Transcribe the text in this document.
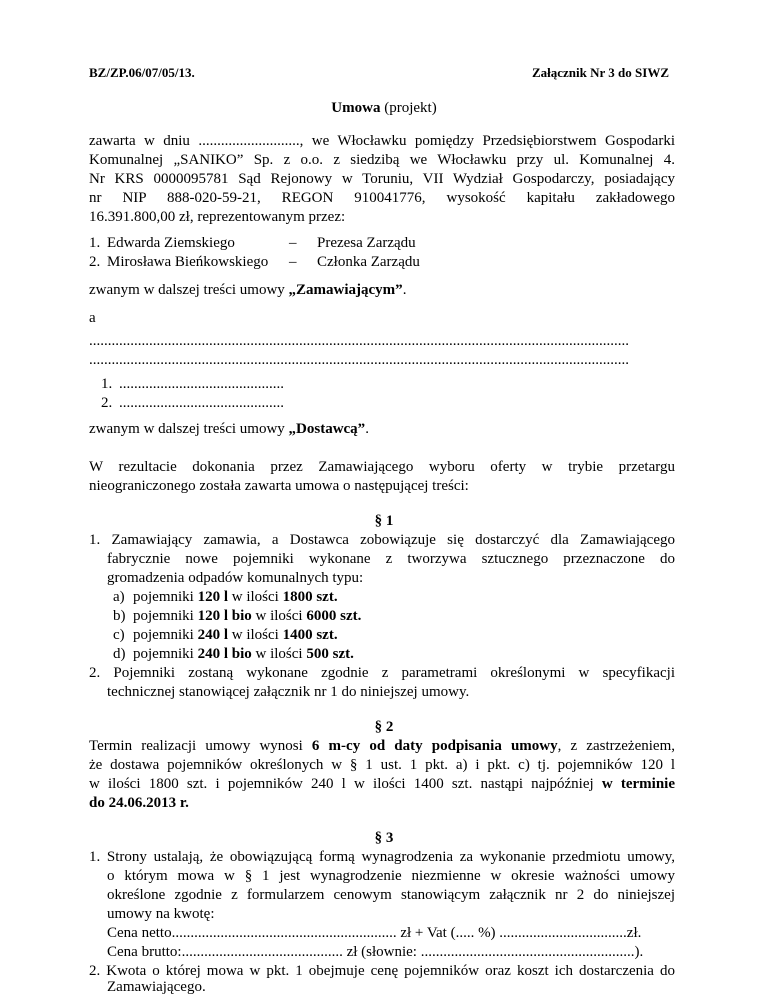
BZ/ZP.06/07/05/13.	Załącznik Nr 3 do SIWZ
Umowa (projekt)
zawarta w dniu ..........................., we Włocławku pomiędzy Przedsiębiorstwem Gospodarki
Komunalnej „SANIKO” Sp. z o.o. z siedzibą we Włocławku przy ul. Komunalnej 4.
Nr KRS 0000095781 Sąd Rejonowy w Toruniu, VII Wydział Gospodarczy, posiadający
nr NIP 888-020-59-21, REGON 910041776, wysokość kapitału zakładowego
16.391.800,00 zł, reprezentowanym przez:
1. Edwarda Ziemskiego	– Prezesa Zarządu
2. Mirosława Bieńkowskiego – Członka Zarządu
zwanym w dalszej treści umowy „Zamawiającym”.
a
................................................................................................................................................
................................................................................................................................................
1. ............................................
2. ............................................
zwanym w dalszej treści umowy „Dostawcą”.
W rezultacie dokonania przez Zamawiającego wyboru oferty w trybie przetargu
nieograniczonego została zawarta umowa o następującej treści:
§ 1
1. Zamawiający zamawia, a Dostawca zobowiązuje się dostarczyć dla Zamawiającego
fabrycznie nowe pojemniki wykonane z tworzywa sztucznego przeznaczone do
gromadzenia odpadów komunalnych typu:
a) pojemniki 120 l w ilości 1800 szt.
b) pojemniki 120 l bio w ilości 6000 szt.
c) pojemniki 240 l w ilości 1400 szt.
d) pojemniki 240 l bio w ilości 500 szt.
2. Pojemniki zostaną wykonane zgodnie z parametrami określonymi w specyfikacji
technicznej stanowiącej załącznik nr 1 do niniejszej umowy.
§ 2
Termin realizacji umowy wynosi 6 m-cy od daty podpisania umowy, z zastrzeżeniem,
że dostawa pojemników określonych w § 1 ust. 1 pkt. a) i pkt. c) tj. pojemników 120 l
w ilości 1800 szt. i pojemników 240 l w ilości 1400 szt. nastąpi najpóźniej w terminie
do 24.06.2013 r.
§ 3
1. Strony ustalają, że obowiązującą formą wynagrodzenia za wykonanie przedmiotu umowy,
o którym mowa w § 1 jest wynagrodzenie niezmienne w okresie ważności umowy
określone zgodnie z formularzem cenowym stanowiącym załącznik nr 2 do niniejszej
umowy na kwotę:
Cena netto............................................................ zł + Vat (..... %) ..................................zł.
Cena brutto:........................................... zł (słownie: .........................................................).
2. Kwota o której mowa w pkt. 1 obejmuje cenę pojemników oraz koszt ich dostarczenia do
Zamawiającego.
